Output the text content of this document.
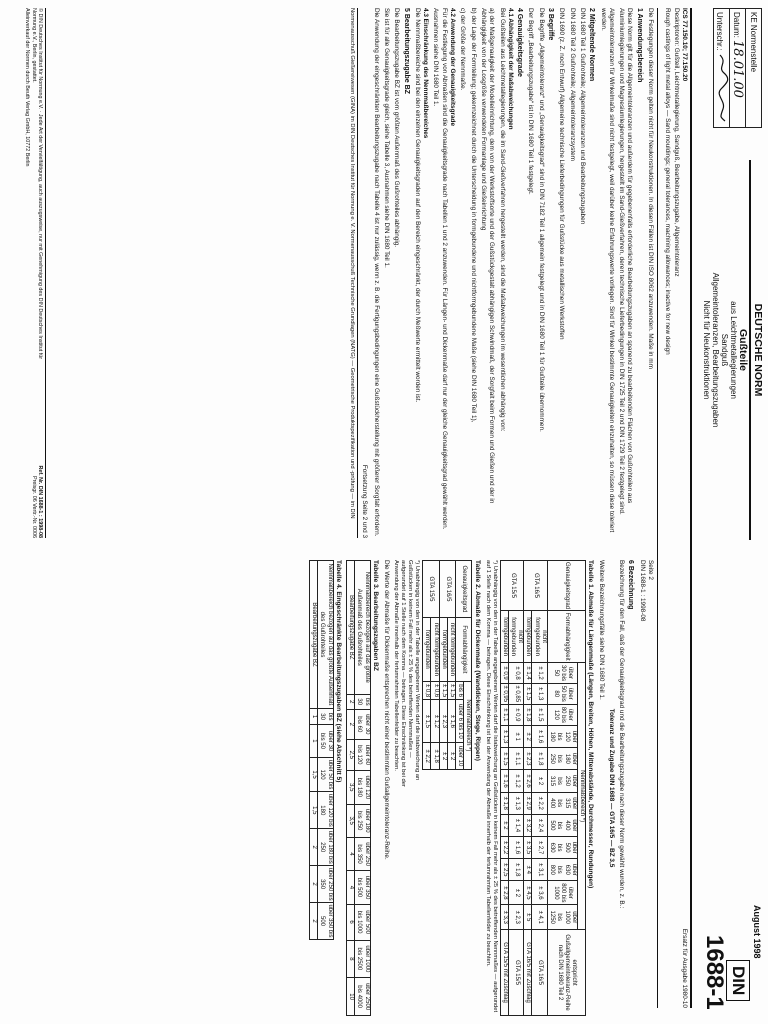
KE Normenstelle
Datum: 18.01.00
Unterschr.:
DEUTSCHE NORM
Gußteile
aus Leichtmetallegierungen
Sandguß
Allgemeintoleranzen, Bearbeitungszugaben
Nicht für Neukonstruktionen
August 1998
DIN
1688-1
ICS 77.150.10; 77.150.20
Ersatz für Ausgabe 1980-10
Deskriptoren: Gußteil, Leichtmetallegierung, Sandguß, Bearbeitungszugabe, Allgemeintoleranz
Rough castings of light metal alloys — Sand mouldings; general tolerances, machining allowances; inactive for new design

Die Festlegungen dieser Norm gelten nicht für Neukonstruktionen. In diesen Fällen ist DIN ISO 8062 anzuwenden. Maße in mm

1 Anwendungsbereich

Diese Norm gilt für die Allgemeintoleranzen und außerdem für gegebenenfalls erforderliche Bearbeitungszugaben an spanend zu bearbeitenden Flächen von Gußrohteilen aus Aluminiumlegierungen und Magnesiumlegierungen, hergestellt im Sand-Gießverfahren, deren technische Lieferbedingungen in DIN 1725 Teil 2 und DIN 1729 Teil 2 festgelegt sind.

Allgemeintoleranzen für Winkelmaße sind nicht festgelegt, weil darüber keine Erfahrungswerte vorliegen. Sind für Winkel bestimmte Genauigkeiten einzuhalten, so müssen diese toleriert werden.

2 Mitgeltende Normen

DIN 1680 Teil 1 Gußrohteile; Allgemeintoleranzen und Bearbeitungszugaben

DIN 1680 Teil 2 Gußrohteile; Allgemeintoleranzsystem

DIN 1690 (z. Z. noch Entwurf) Allgemeine technische Lieferbedingungen für Gußstücke aus metallischen Werkstoffen

3 Begriffe

Die Begriffe „Allgemeintoleranz“ und „Genauigkeitsgrad“ sind in DIN 7182 Teil 1 allgemein festgelegt und in DIN 1680 Teil 1 für Gußteile übernommen.

Der Begriff „Bearbeitungszugabe“ ist in DIN 1680 Teil 1 festgelegt.

4 Genauigkeitsgrade
4.1 Abhängigkeit der Maßabweichungen

Bei Gußteilen aus Leichtmetallegierungen, die im Sand-Gießverfahren hergestellt werden, sind die Maßabweichungen im wesentlichen abhängig von:

a) der Maßgenauigkeit der Modelleinrichtung, dem von der Werkstoffsorte und der Gußstückgestalt abhängigen Schwindmaß, der Sorgfalt beim Formen und Gießen und der in Abhängigkeit von der Losgröße verwendeten Formanlage und Gießeinrichtung

b) der Lage der Formteilung; gekennzeichnet durch die Unterscheidung in formgebundene und nichtformgebundene Maße (siehe DIN 1680 Teil 1),

c) der Größe der Nennmaße.

4.2 Anwendung der Genauigkeitsgrade

Für die Festlegung von Abmaßen sind die Genauigkeitsgrade nach Tabellen 1 und 2 anzuwenden. Für Längen- und Dickenmaße darf nur der gleiche Genauigkeitsgrad gewählt werden. Ausnahmen siehe DIN 1680 Teil 1.

4.3 Einschränkung des Nennmaßbereiches

Die Nennmaßbereiche sind bei den einzelnen Genauigkeitsgraden auf den Bereich eingeschränkt, der durch Meßwerte ermittelt worden ist.

5 Bearbeitungszugabe BZ

Die Bearbeitungszugabe BZ ist vom größten Außenmaß des Gußrohteiles abhängig.

Sie ist für alle Genauigkeitsgrade gleich, siehe Tabelle 3, Ausnahmen siehe DIN 1680 Teil 1.

Die Anwendung der eingeschränkten Bearbeitungszugabe nach Tabelle 4 ist nur zulässig, wenn z. B. die Fertigungsbedingungen eine Gußstückherstellung mit größerer Sorgfalt erfordern.

Fortsetzung Seite 2 und 3

Normenausschuß Gießereiwesen (GINA) im DIN Deutsches Institut für Normung e. V. Normenausschuß Technische Grundlagen (NATG) — Geometrische Produktspezifikation und -prüfung — im DIN

© DIN Deutsches Institut für Normung e.V. · Jede Art der Vervielfältigung, auch auszugsweise, nur mit Genehmigung des DIN Deutsches Institut für Normung e.V., Berlin, gestattet.
Alleinverkauf der Normen durch Beuth Verlag GmbH, 10772 Berlin
Ref. Nr. DIN 1688-1 : 1998-08
Preisgr. 06 Vertr.-Nr. 0006
Seite 2
DIN 1688-1 : 1998-08
6 Bezeichnung

Bezeichnung für den Fall, daß der Genauigkeitsgrad und die Bearbeitungszugabe nach dieser Norm gewählt wurden, z. B.:

Toleranz und Zugabe DIN 1688 — GTA 16/5 — BZ 3,5

Weitere Bezeichnungsfälle siehe DIN 1680 Teil 1.

Tabelle 1. Abmaße für Längenmaße (Längen, Breiten, Höhen, Mittenabstände, Durchmesser, Rundungen)
Genauigkeitsgrad	Formabhängigkeit	Nennmaßbereich *)												entspricht Gußallgemeintoleranz-Reihe nach DIN 1680 Teil 2
		über 30 bis 50	über 50 bis 80	über 80 bis 120	über 120 bis 180	über 180 bis 250	über 250 bis 315	über 315 bis 400	über 400 bis 500	über 500 bis 630	über 630 bis 800	über 800 bis 1000	über 1000 bis 1250	
GTA 16/5	nicht formgebunden	± 1,2	± 1,3	± 1,5	± 1,6	± 1,8	± 2	± 2,2	± 2,4	± 2,7	± 3,1	± 3,6	± 4,1	GTA 16/5
	formgebunden	± 1,4	± 1,5	± 1,8	± 2	± 2,3	± 2,6	± 2,9	± 3,2	± 3,5	± 4	± 4,5	± 5	GTA 16/5 mit Zuschlag
GTA 15/5	nicht formgebunden	± 0,8	± 0,85	± 0,9	± 1	± 1,1	± 1,2	± 1,3	± 1,4	± 1,6	± 1,8	± 2	± 2,3	GTA 15/5
	formgebunden	± 0,9	± 0,95	± 1,1	± 1,3	± 1,5	± 1,6	± 1,8	± 2	± 2,2	± 2,5	± 2,8	± 3,3	GTA 15/5 mit Zuschlag

*) Unabhängig von den in der Tabelle angegebenen Werten darf die Istabweichung an Gußstücken in keinem Fall mehr als ± 25 % des betreffenden Nennmaßes — aufgerundet auf 1 Stelle nach dem Komma — betragen. Diese Einschränkung ist bei der Anwendung der Abmaße innerhalb der fertumrahmten Tabellenfelder zu beachten.

Tabelle 2. Abmaße für Dickenmaße (Wanddicken, Stege, Rippen)
Genauigkeitsgrad	Formabhängigkeit	Nennmaßbereich *)		
		bis 6	über 6 bis 10	über 10
GTA 16/5	nicht formgebunden	± 1,5	± 1,6	± 2
	formgebunden	± 1,5	± 2,3	± 2
GTA 15/5	nicht formgebunden	± 0,6	± 1,2	± 1,8
	formgebunden	± 0,8	± 1,5	± 2,2

*) Unabhängig von den in der Tabelle angegebenen Werten darf die Istabweichung an Gußstücken in keinem Fall mehr als ± 25 % des betreffenden Nennmaßes — aufgerundet auf 1 Stelle nach dem Komma — betragen. Diese Einschränkung ist bei der Anwendung der Abmaße innerhalb der fertumrahmten Tabellenfelder zu beachten.

Die Werte der Abmaße für Dickenmaße entsprechen nicht einer bestimmten Gußallgemeintoleranz-Reihe.

Tabelle 3. Bearbeitungszugaben BZ
Nennmaßbereich bezogen auf das größte Außenmaß des Gußrohteiles	bis 30	über 30 bis 60	über 60 bis 120	über 120 bis 180	über 180 bis 250	über 250 bis 350	über 350 bis 500	über 500 bis 1000	über 1000 bis 2500	über 2500 bis 4000
Bearbeitungszugabe BZ	2	2	2,5	3,5	3,5	4	4	6	8	10
Tabelle 4. Eingeschränkte Bearbeitungszugaben BZ (siehe Abschnitt 5)
Nennmaßbereich bezogen auf das größte Außenmaß des Gußrohteiles	bis 30	über 30 bis 50	über 50 bis 120	über 120 bis 180	über 180 bis 250	über 250 bis 350	über 350 bis 500
Bearbeitungszugabe BZ	1	1	1,5	1,5	2	2	2
